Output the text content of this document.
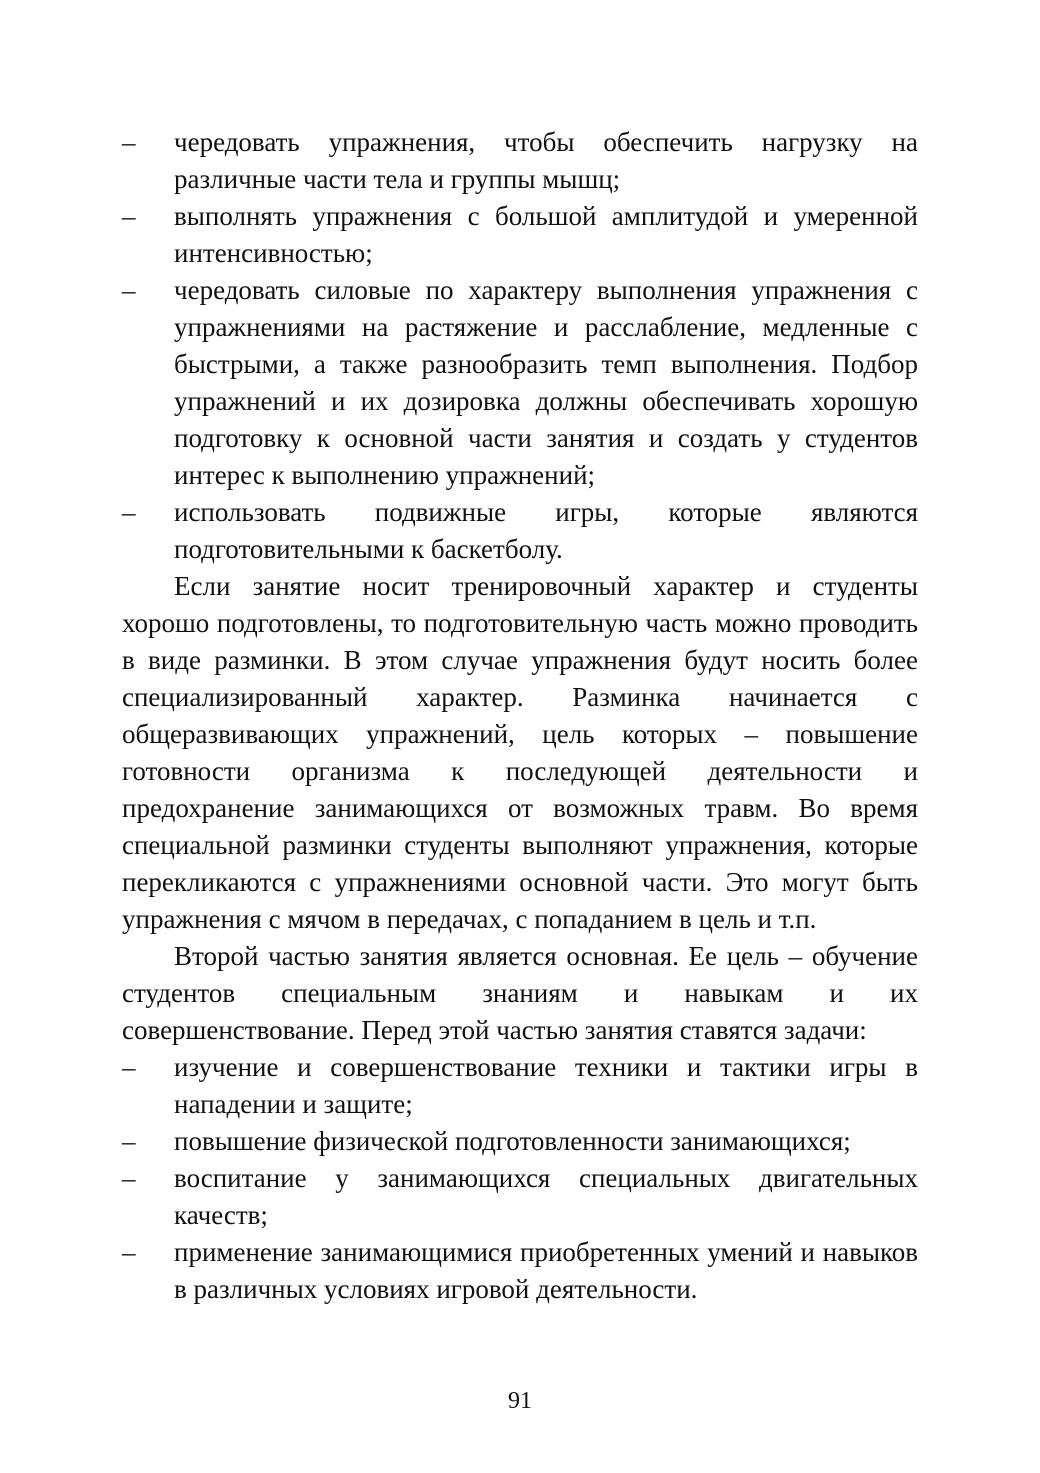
– чередовать упражнения, чтобы обеспечить нагрузку на различные части тела и группы мышц;
– выполнять упражнения с большой амплитудой и умеренной интенсивностью;
– чередовать силовые по характеру выполнения упражнения с упражнениями на растяжение и расслабление, медленные с быстрыми, а также разнообразить темп выполнения. Подбор упражнений и их дозировка должны обеспечивать хорошую подготовку к основной части занятия и создать у студентов интерес к выполнению упражнений;
– использовать подвижные игры, которые являются подготовительными к баскетболу.

Если занятие носит тренировочный характер и студенты хорошо подготовлены, то подготовительную часть можно проводить в виде разминки. В этом случае упражнения будут носить более специализированный характер. Разминка начинается с общеразвивающих упражнений, цель которых – повышение готовности организма к последующей деятельности и предохранение занимающихся от возможных травм. Во время специальной разминки студенты выполняют упражнения, которые перекликаются с упражнениями основной части. Это могут быть упражнения с мячом в передачах, с попаданием в цель и т.п.

Второй частью занятия является основная. Ее цель – обучение студентов специальным знаниям и навыкам и их совершенствование. Перед этой частью занятия ставятся задачи:

– изучение и совершенствование техники и тактики игры в нападении и защите;
– повышение физической подготовленности занимающихся;
– воспитание у занимающихся специальных двигательных качеств;
– применение занимающимися приобретенных умений и навыков в различных условиях игровой деятельности.
91
